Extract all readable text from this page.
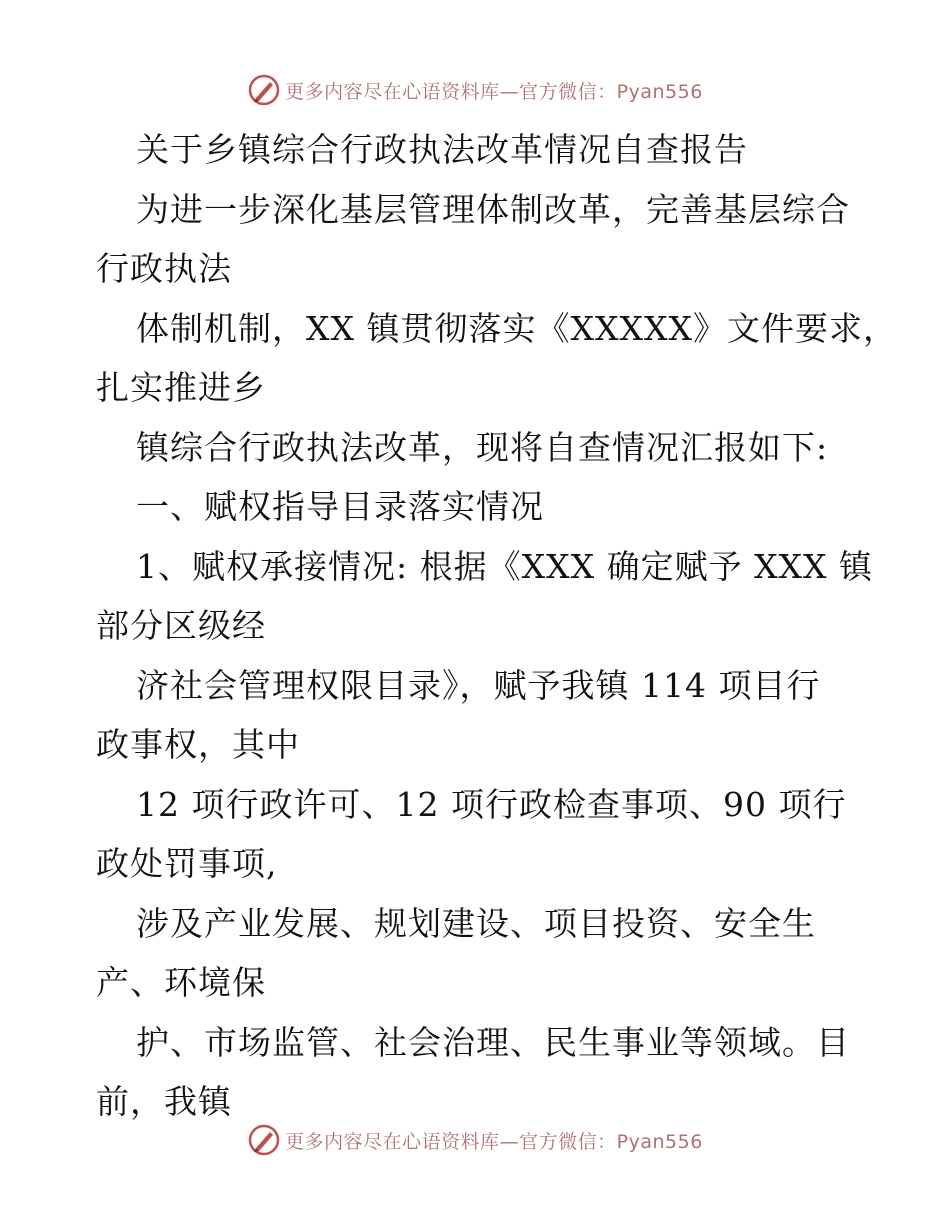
更多内容尽在心语资料库—官方微信：Pyan556
关于乡镇综合行政执法改革情况自查报告
为进一步深化基层管理体制改革，完善基层综合
行政执法
体制机制，XX 镇贯彻落实《XXXXX》文件要求，
扎实推进乡
镇综合行政执法改革，现将自查情况汇报如下:
一、赋权指导目录落实情况
1、赋权承接情况: 根据《XXX 确定赋予 XXX 镇
部分区级经
济社会管理权限目录》，赋予我镇 114 项目行
政事权，其中
12 项行政许可、12 项行政检查事项、90 项行
政处罚事项,
涉及产业发展、规划建设、项目投资、安全生
产、环境保
护、市场监管、社会治理、民生事业等领域。目
前，我镇
更多内容尽在心语资料库—官方微信：Pyan556
